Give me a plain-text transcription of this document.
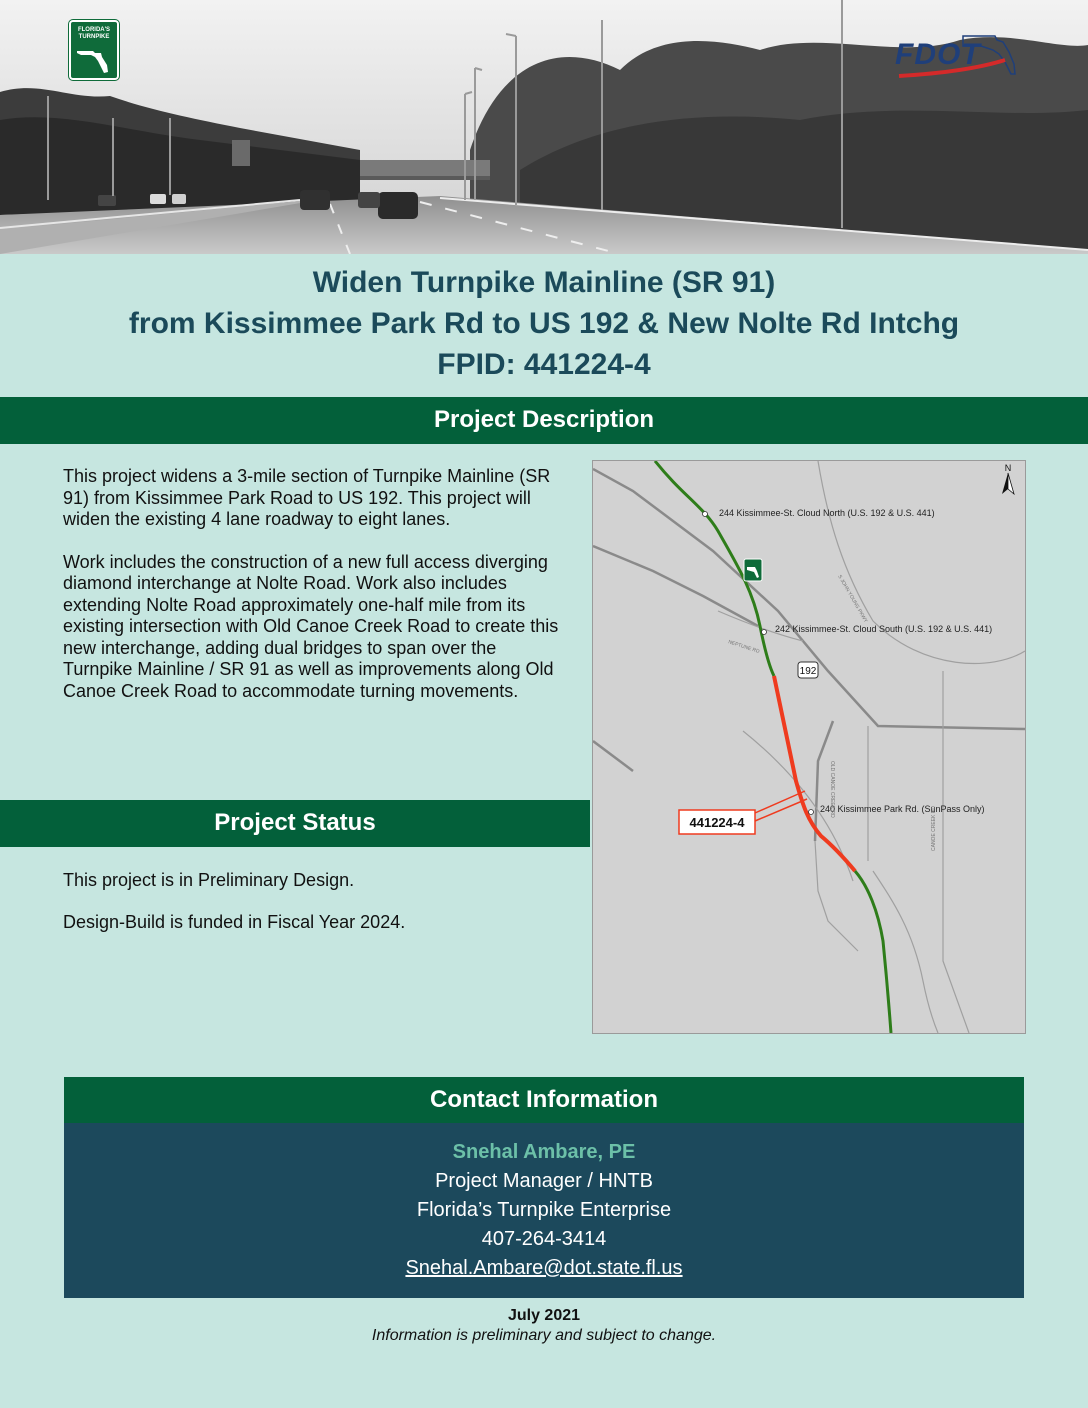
FLORIDA'S TURNPIKE
FDOT
Widen Turnpike Mainline (SR 91)
from Kissimmee Park Rd to US 192 & New Nolte Rd Intchg
FPID: 441224-4
Project Description

This project widens a 3-mile section of Turnpike Mainline (SR 91) from Kissimmee Park Road to US 192. This project will widen the existing 4 lane roadway to eight lanes.

Work includes the construction of a new full access diverging diamond interchange at Nolte Road. Work also includes extending Nolte Road approximately one-half mile from its existing intersection with Old Canoe Creek Road to create this new interchange, adding dual bridges to span over the Turnpike Mainline / SR 91 as well as improvements along Old Canoe Creek Road to accommodate turning movements.

Project Status

This project is in Preliminary Design.

Design-Build is funded in Fiscal Year 2024.

192
244 Kissimmee-St. Cloud North (U.S. 192 & U.S. 441)
242 Kissimmee-St. Cloud South (U.S. 192 & U.S. 441)
240 Kissimmee Park Rd. (SunPass Only)
NEPTUNE RD
OLD CANOE CREEK RD
CANOE CREEK RD
S JOHN YOUNG PKWY
N
441224-4
Contact Information
Snehal Ambare, PE
Project Manager / HNTB
Florida’s Turnpike Enterprise
407-264-3414
Snehal.Ambare@dot.state.fl.us
July 2021
Information is preliminary and subject to change.
